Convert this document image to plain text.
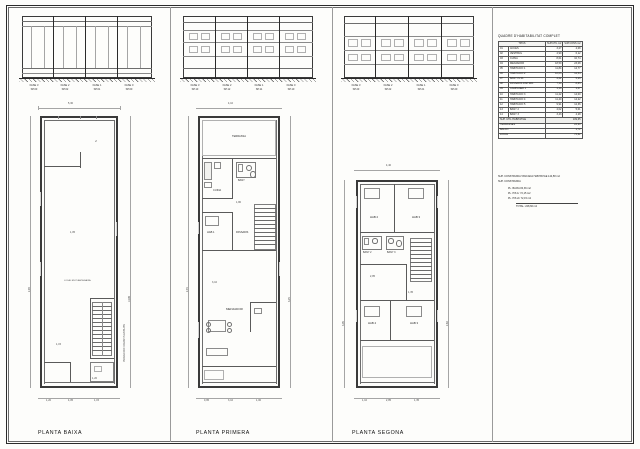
FASE 3
SP.03
FASE 2
SP.02
FASE 1
SP.01
FASE 0
SP.00
FASE 3
SP.13
FASE 2
SP.12
FASE 1
SP.11
FASE 0
SP.10
FASE 3
SP.23
FASE 2
SP.22
FASE 1
SP.21
FASE 0
SP.20
QUADRE D'HABITABILITAT COMPLET
TIPUS		SUP.UTIL m2	SUP.CONS m2
01	ACCES	3,27	4,08
02	VESTIBUL	4,90	6,12
03	CUINA	8,61	10,74
04	MENJADOR	18,50	23,08
05	HABITACIO 1	11,84	14,77
06	HABITACIO 2	10,05	12,54
07	BANY PLTA	4,22	5,26
08	PASSADIS DISTRIB.	7,10	8,85
09	CAMPANER 1	1,18	1,47
10	HABITACIO 3	11,22	14,00
11	HABITACIO 4	11,40	14,22
12	HABITACIO 5	9,91	12,36
13	BANY 2	4,02	5,01
14	BANY 3	3,43	4,28
SUP. UTIL HABITATGE		109,65	
TERRASSES		23,60	
BALCO		1,72	
LOCAL		73,82	
SUP. CONSTRUIDA TANCADA HABITATGE 144,58 m2
SUP. CONSTRUIDA
PL. BAIXA 84,36 m2
PL. PIS 1r 72,15 m2
PL. PIS 2n 72,15 m2
TOTAL: 228,66 m2
N
5,30
1,20	4,05	1,15
13,85
2,90
LOCAL EN PLANTA BAIXA
PROJECCIO FORJAT PLANTA PIS
1,05
1,15
1,20
PLANTA BAIXA
TERRASSA
CUINA
BANY
PASSADIS
HAB 1
MENJADOR
4,10
0,95	3,10	1,00
3,25
2,45
1,80
3,10
PLANTA PRIMERA
HAB 2	HAB 3
BANY 2	BANY 3
HAB 4	HAB 3
4,40
1,10	2,85	1,35
2,60
3,05
2,85
1,35
PLANTA SEGONA
